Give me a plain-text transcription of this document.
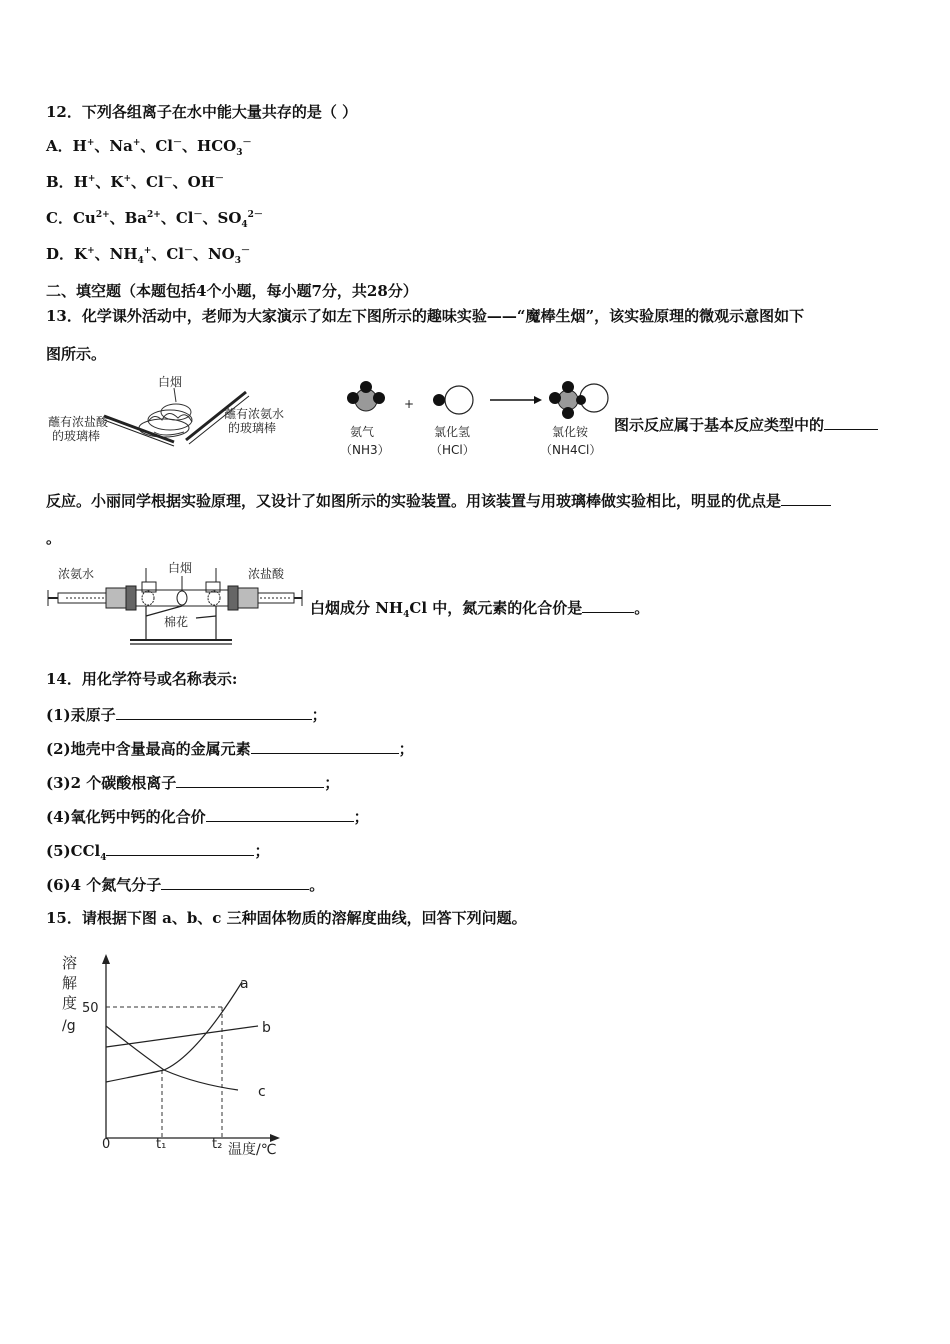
12．下列各组离子在水中能大量共存的是（ ）
A．H+、Na+、Cl－、$HCO_3^-$
B．H+、K+、Cl－、OH－
C．$Cu^{2+}$、$Ba^{2+}$、Cl－、$SO_4^{2-}$
D．K+、$NH_4^+$、Cl－、$NO_3^-$
二、填空题（本题包括4个小题，每小题7分，共28分）
13．化学课外活动中，老师为大家演示了如左下图所示的趣味实验——“魔棒生烟”，该实验原理的微观示意图如下
图所示。
白烟
蘸有浓盐酸
的玻璃棒
蘸有浓氨水
的玻璃棒
+
氨气
（NH3）
氯化氢
（HCl）
氯化铵
（NH4Cl）
图示反应属于基本反应类型中的
反应。小丽同学根据实验原理，又设计了如图所示的实验装置。用该装置与用玻璃棒做实验相比，明显的优点是
。
浓氨水	白烟	浓盐酸
棉花
白烟成分 $NH_4Cl$ 中，氮元素的化合价是	。
14．用化学符号或名称表示:
(1)汞原子	；
(2)地壳中含量最高的金属元素	；
(3)2 个碳酸根离子	；
(4)氧化钙中钙的化合价	；
(5)CCl$_4$	；
(6)4 个氮气分子	。
15．请根据下图 a、b、c 三种固体物质的溶解度曲线，回答下列问题。
溶
解
度
/g
50
a
b
c
0	t₁	t₂ 温度/℃
